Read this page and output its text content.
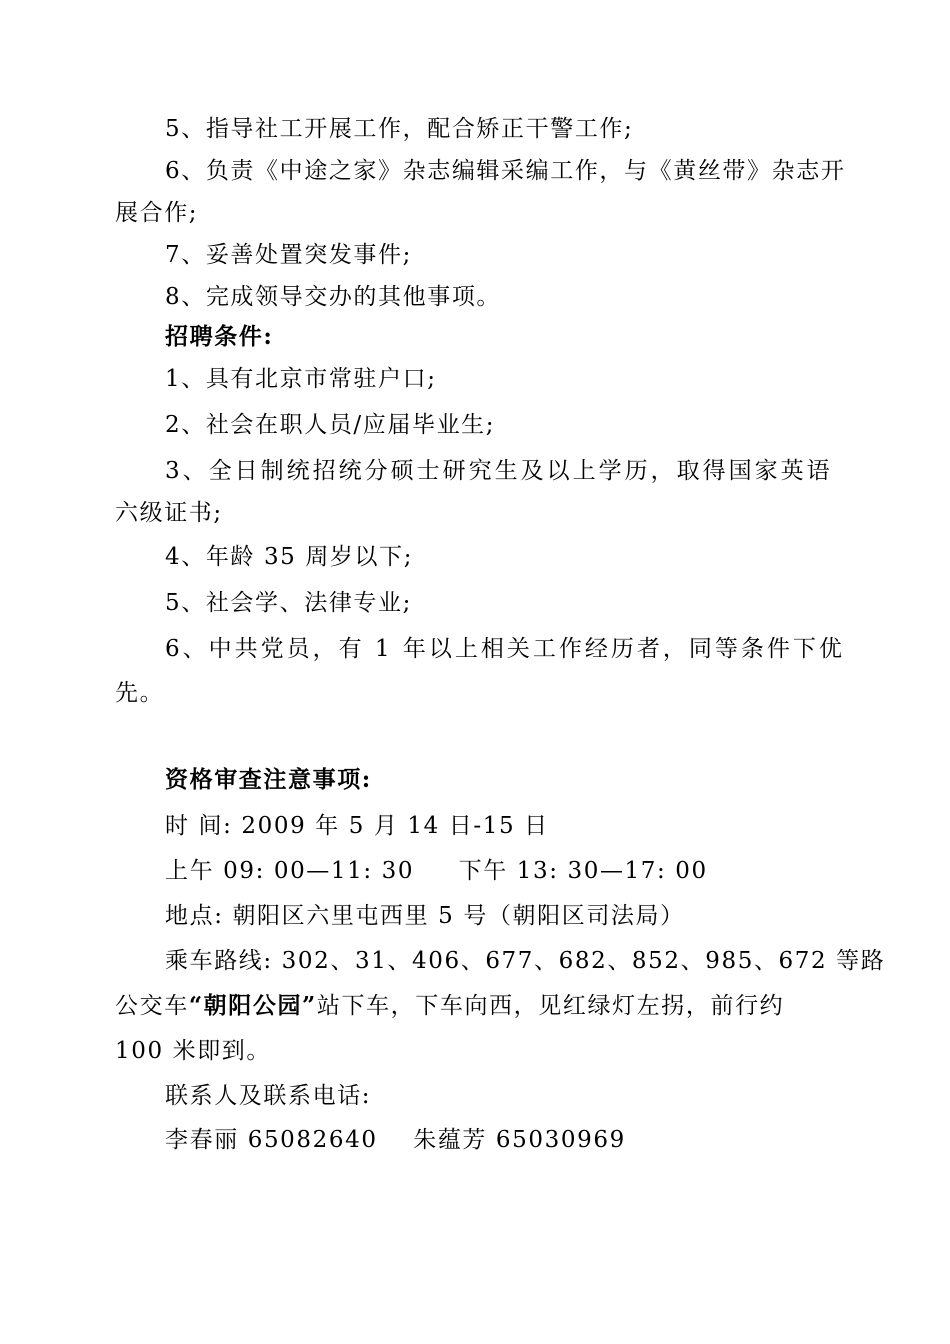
5、指导社工开展工作，配合矫正干警工作;
6、负责《中途之家》杂志编辑采编工作，与《黄丝带》杂志开
展合作;
7、妥善处置突发事件;
8、完成领导交办的其他事项。
招聘条件:
1、具有北京市常驻户口;
2、社会在职人员/应届毕业生;
3、全日制统招统分硕士研究生及以上学历，取得国家英语
六级证书;
4、年龄 35 周岁以下;
5、社会学、法律专业;
6、中共党员，有 1 年以上相关工作经历者，同等条件下优
先。
资格审查注意事项:
时 间: 2009 年 5 月 14 日-15 日
上午 09: 00—11: 30     下午 13: 30—17: 00
地点: 朝阳区六里屯西里 5 号（朝阳区司法局）
乘车路线: 302、31、406、677、682、852、985、672 等路
公交车“朝阳公园”站下车，下车向西，见红绿灯左拐，前行约
100 米即到。
联系人及联系电话:
李春丽 65082640    朱蕴芳 65030969
